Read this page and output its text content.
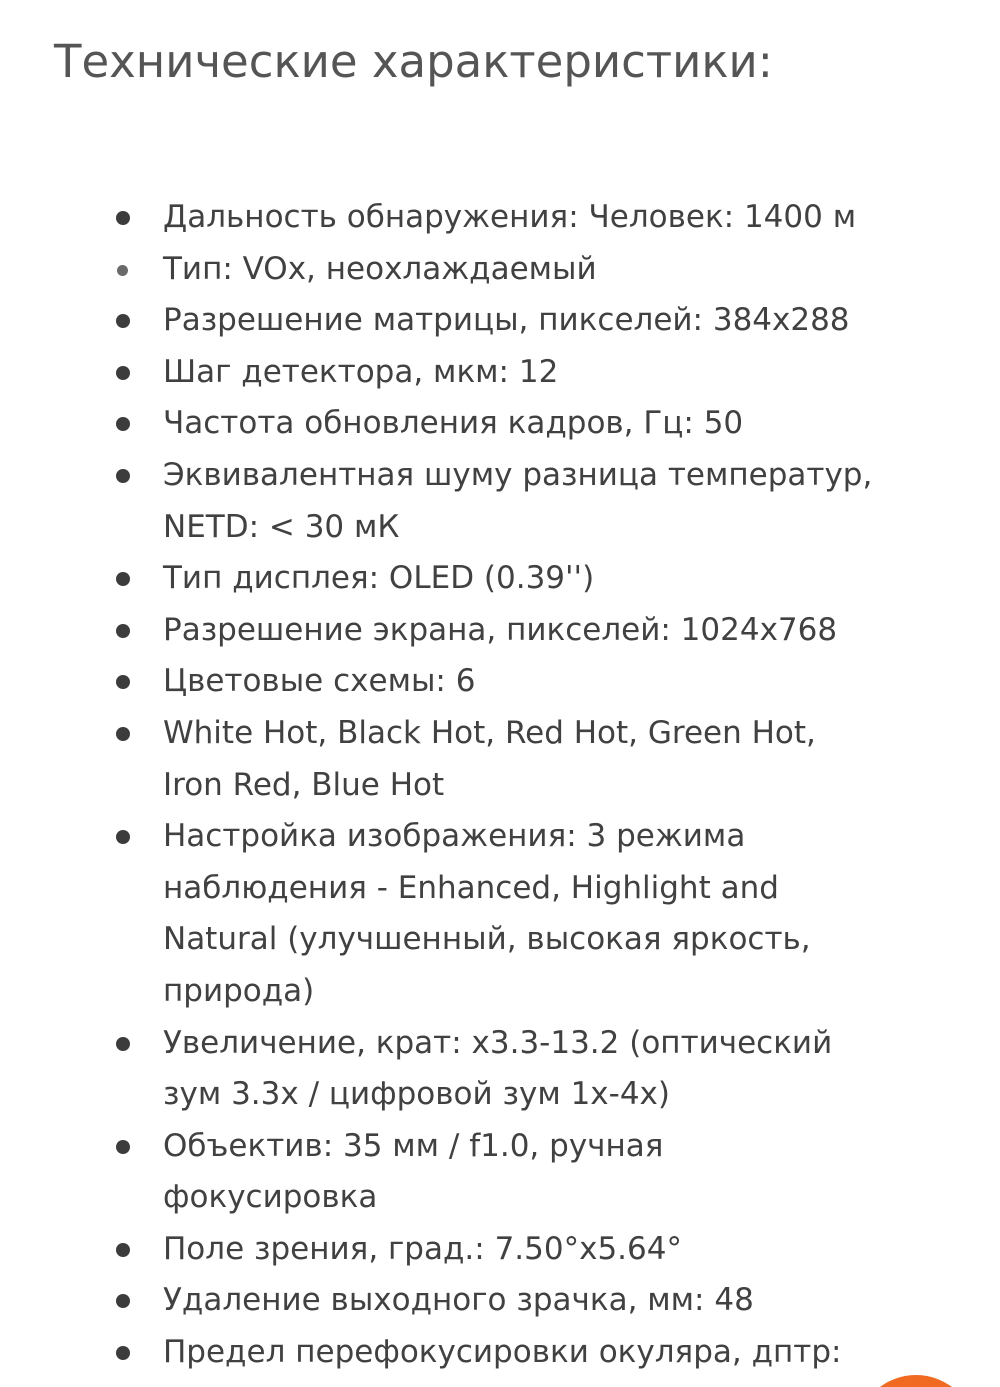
Технические характеристики:
Дальность обнаружения: Человек: 1400 м
Тип: VOx, неохлаждаемый
Разрешение матрицы, пикселей: 384x288
Шаг детектора, мкм: 12
Частота обновления кадров, Гц: 50
Эквивалентная шуму разница температур,
NETD: < 30 мК
Тип дисплея: OLED (0.39'')
Разрешение экрана, пикселей: 1024x768
Цветовые схемы: 6
White Hot, Black Hot, Red Hot, Green Hot,
Iron Red, Blue Hot
Настройка изображения: 3 режима
наблюдения - Enhanced, Highlight and
Natural (улучшенный, высокая яркость,
природа)
Увеличение, крат: x3.3-13.2 (оптический
зум 3.3x / цифровой зум 1x-4x)
Объектив: 35 мм / f1.0, ручная
фокусировка
Поле зрения, град.: 7.50°x5.64°
Удаление выходного зрачка, мм: 48
Предел перефокусировки окуляра, дптр:
